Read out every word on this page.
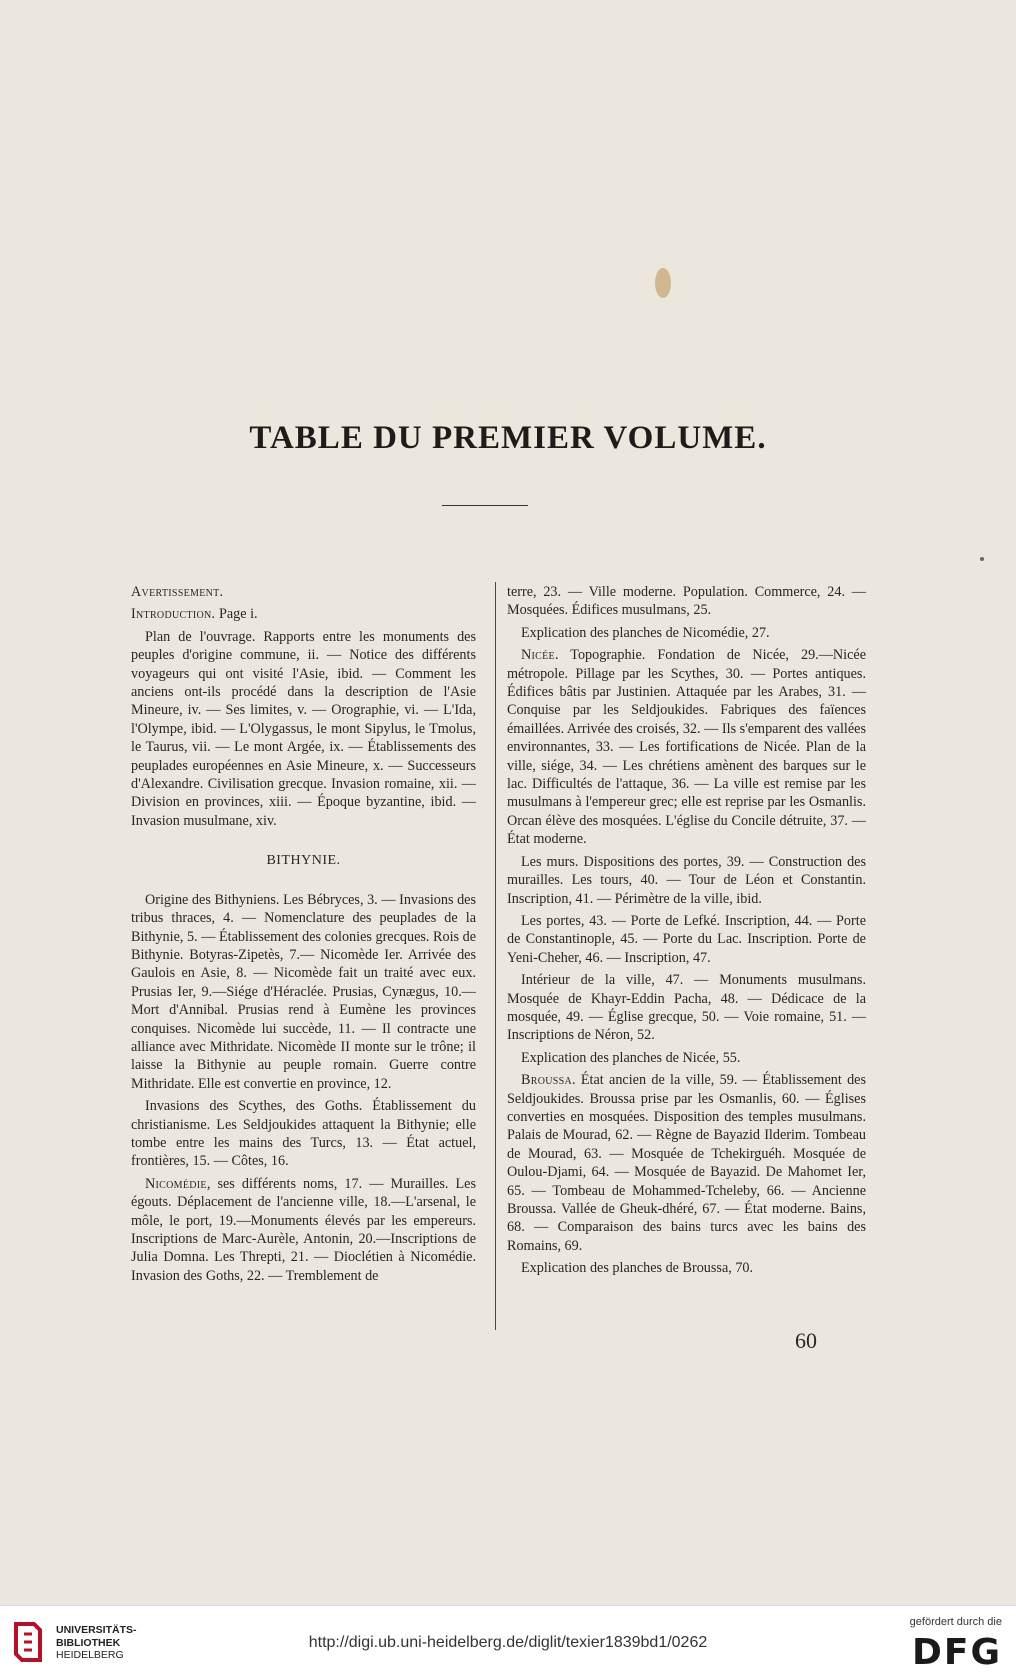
TABLE DU PREMIER VOLUME.

Avertissement.

Introduction. Page i.

Plan de l'ouvrage. Rapports entre les monuments des peuples d'origine commune, ii. — Notice des différents voyageurs qui ont visité l'Asie, ibid. — Comment les anciens ont-ils procédé dans la description de l'Asie Mineure, iv. — Ses limites, v. — Orographie, vi. — L'Ida, l'Olympe, ibid. — L'Olygassus, le mont Sipylus, le Tmolus, le Taurus, vii. — Le mont Argée, ix. — Établissements des peuplades européennes en Asie Mineure, x. — Successeurs d'Alexandre. Civilisation grecque. Invasion romaine, xii. — Division en provinces, xiii. — Époque byzantine, ibid. — Invasion musulmane, xiv.

BITHYNIE.

Origine des Bithyniens. Les Bébryces, 3. — Invasions des tribus thraces, 4. — Nomenclature des peuplades de la Bithynie, 5. — Établissement des colonies grecques. Rois de Bithynie. Botyras-Zipetès, 7.— Nicomède Ier. Arrivée des Gaulois en Asie, 8. — Nicomède fait un traité avec eux. Prusias Ier, 9.—Siége d'Héraclée. Prusias, Cynægus, 10.—Mort d'Annibal. Prusias rend à Eumène les provinces conquises. Nicomède lui succède, 11. — Il contracte une alliance avec Mithridate. Nicomède II monte sur le trône; il laisse la Bithynie au peuple romain. Guerre contre Mithridate. Elle est convertie en province, 12.

Invasions des Scythes, des Goths. Établissement du christianisme. Les Seldjoukides attaquent la Bithynie; elle tombe entre les mains des Turcs, 13. — État actuel, frontières, 15. — Côtes, 16.

Nicomédie, ses différents noms, 17. — Murailles. Les égouts. Déplacement de l'ancienne ville, 18.—L'arsenal, le môle, le port, 19.—Monuments élevés par les empereurs. Inscriptions de Marc-Aurèle, Antonin, 20.—Inscriptions de Julia Domna. Les Threpti, 21. — Dioclétien à Nicomédie. Invasion des Goths, 22. — Tremblement de

terre, 23. — Ville moderne. Population. Commerce, 24. — Mosquées. Édifices musulmans, 25.

Explication des planches de Nicomédie, 27.

Nicée. Topographie. Fondation de Nicée, 29.—Nicée métropole. Pillage par les Scythes, 30. — Portes antiques. Édifices bâtis par Justinien. Attaquée par les Arabes, 31. — Conquise par les Seldjoukides. Fabriques des faïences émaillées. Arrivée des croisés, 32. — Ils s'emparent des vallées environnantes, 33. — Les fortifications de Nicée. Plan de la ville, siége, 34. — Les chrétiens amènent des barques sur le lac. Difficultés de l'attaque, 36. — La ville est remise par les musulmans à l'empereur grec; elle est reprise par les Osmanlis. Orcan élève des mosquées. L'église du Concile détruite, 37. — État moderne.

Les murs. Dispositions des portes, 39. — Construction des murailles. Les tours, 40. — Tour de Léon et Constantin. Inscription, 41. — Périmètre de la ville, ibid.

Les portes, 43. — Porte de Lefké. Inscription, 44. — Porte de Constantinople, 45. — Porte du Lac. Inscription. Porte de Yeni-Cheher, 46. — Inscription, 47.

Intérieur de la ville, 47. — Monuments musulmans. Mosquée de Khayr-Eddin Pacha, 48. — Dédicace de la mosquée, 49. — Église grecque, 50. — Voie romaine, 51. — Inscriptions de Néron, 52.

Explication des planches de Nicée, 55.

Broussa. État ancien de la ville, 59. — Établissement des Seldjoukides. Broussa prise par les Osmanlis, 60. — Églises converties en mosquées. Disposition des temples musulmans. Palais de Mourad, 62. — Règne de Bayazid Ilderim. Tombeau de Mourad, 63. — Mosquée de Tchekirguéh. Mosquée de Oulou-Djami, 64. — Mosquée de Bayazid. De Mahomet Ier, 65. — Tombeau de Mohammed-Tcheleby, 66. — Ancienne Broussa. Vallée de Gheuk-dhéré, 67. — État moderne. Bains, 68. — Comparaison des bains turcs avec les bains des Romains, 69.

Explication des planches de Broussa, 70.

60
UNIVERSITÄTS-
BIBLIOTHEK
HEIDELBERG
http://digi.ub.uni-heidelberg.de/diglit/texier1839bd1/0262
gefördert durch die
DFG
